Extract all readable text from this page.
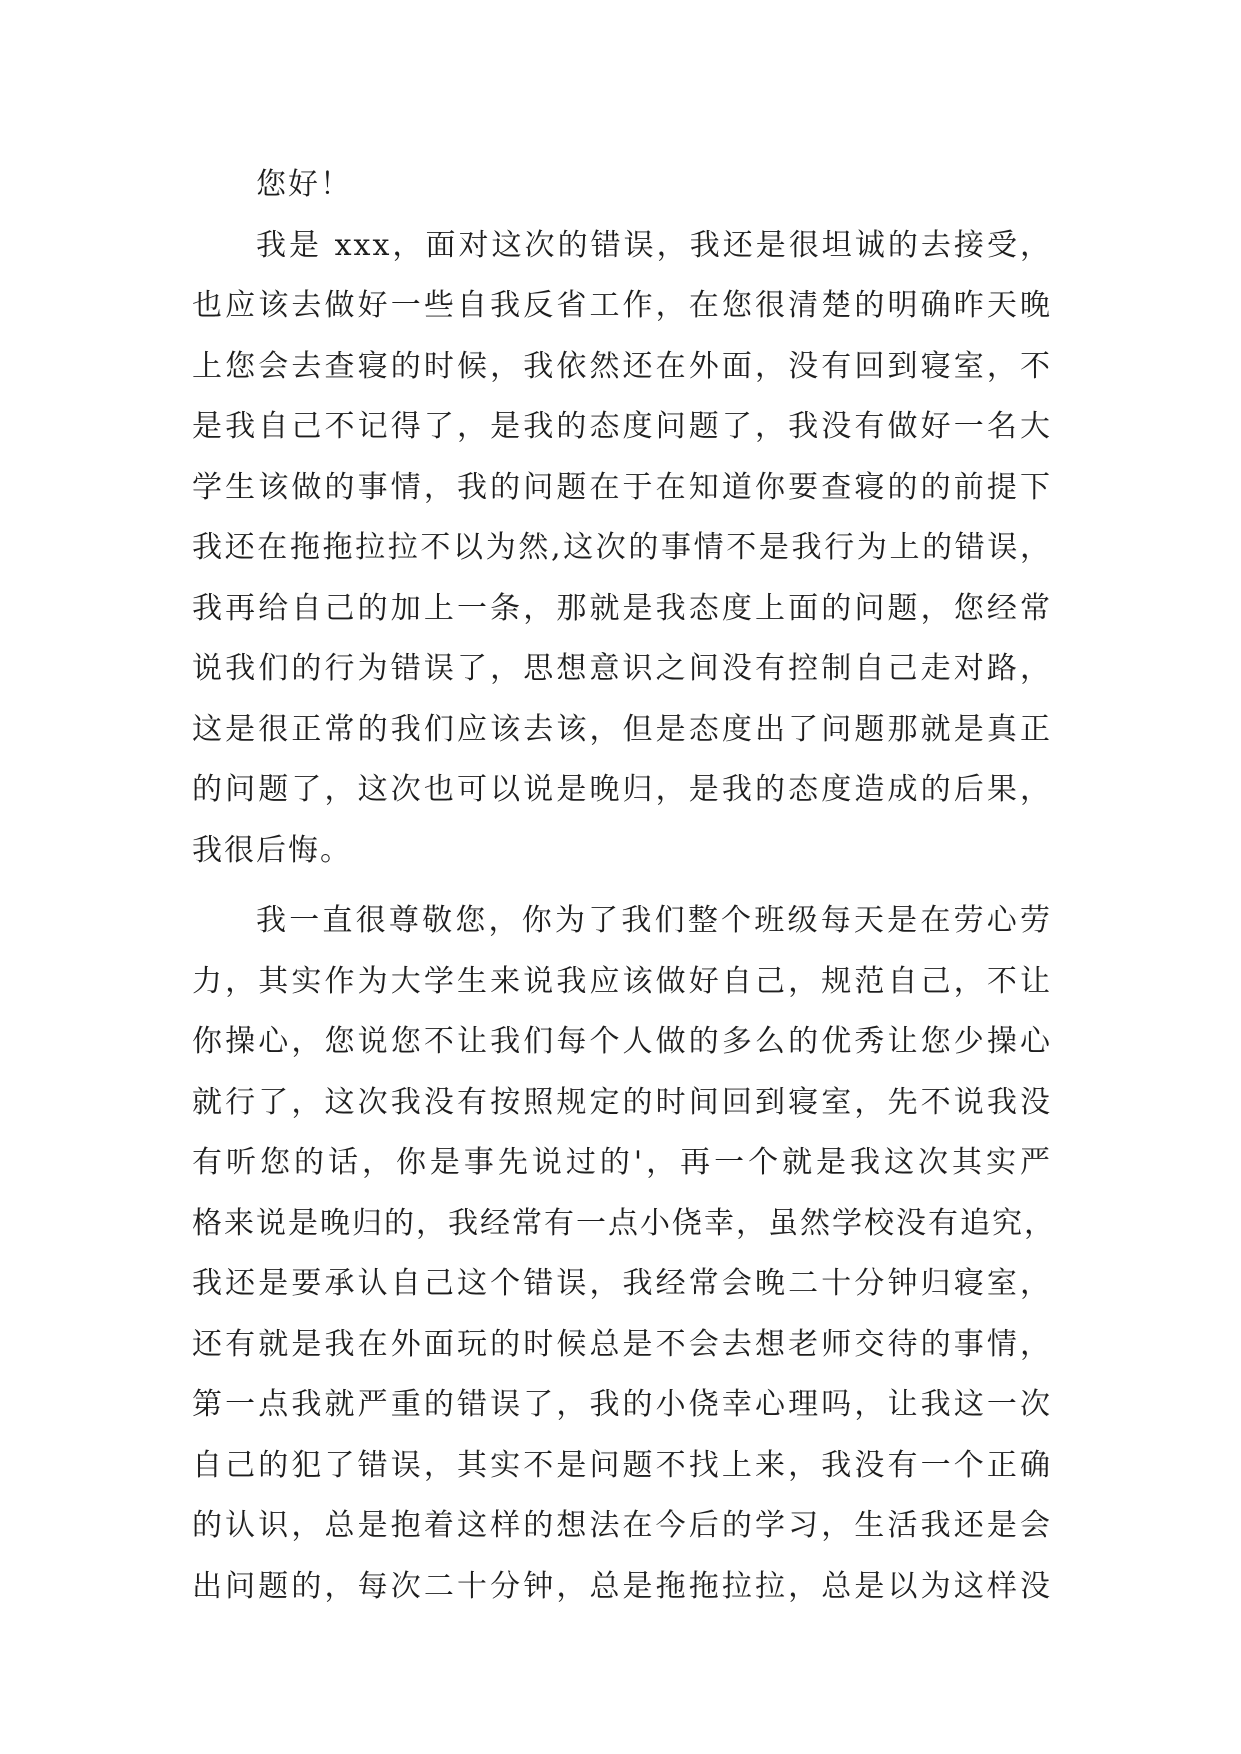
您好！
我是 xxx，面对这次的错误，我还是很坦诚的去接受，
也应该去做好一些自我反省工作，在您很清楚的明确昨天晚
上您会去查寝的时候，我依然还在外面，没有回到寝室，不
是我自己不记得了，是我的态度问题了，我没有做好一名大
学生该做的事情，我的问题在于在知道你要查寝的的前提下
我还在拖拖拉拉不以为然,这次的事情不是我行为上的错误，
我再给自己的加上一条，那就是我态度上面的问题，您经常
说我们的行为错误了，思想意识之间没有控制自己走对路，
这是很正常的我们应该去该，但是态度出了问题那就是真正
的问题了，这次也可以说是晚归，是我的态度造成的后果，
我很后悔。
我一直很尊敬您，你为了我们整个班级每天是在劳心劳
力，其实作为大学生来说我应该做好自己，规范自己，不让
你操心，您说您不让我们每个人做的多么的优秀让您少操心
就行了，这次我没有按照规定的时间回到寝室，先不说我没
有听您的话，你是事先说过的'，再一个就是我这次其实严
格来说是晚归的，我经常有一点小侥幸，虽然学校没有追究，
我还是要承认自己这个错误，我经常会晚二十分钟归寝室，
还有就是我在外面玩的时候总是不会去想老师交待的事情，
第一点我就严重的错误了，我的小侥幸心理吗，让我这一次
自己的犯了错误，其实不是问题不找上来，我没有一个正确
的认识，总是抱着这样的想法在今后的学习，生活我还是会
出问题的，每次二十分钟，总是拖拖拉拉，总是以为这样没
